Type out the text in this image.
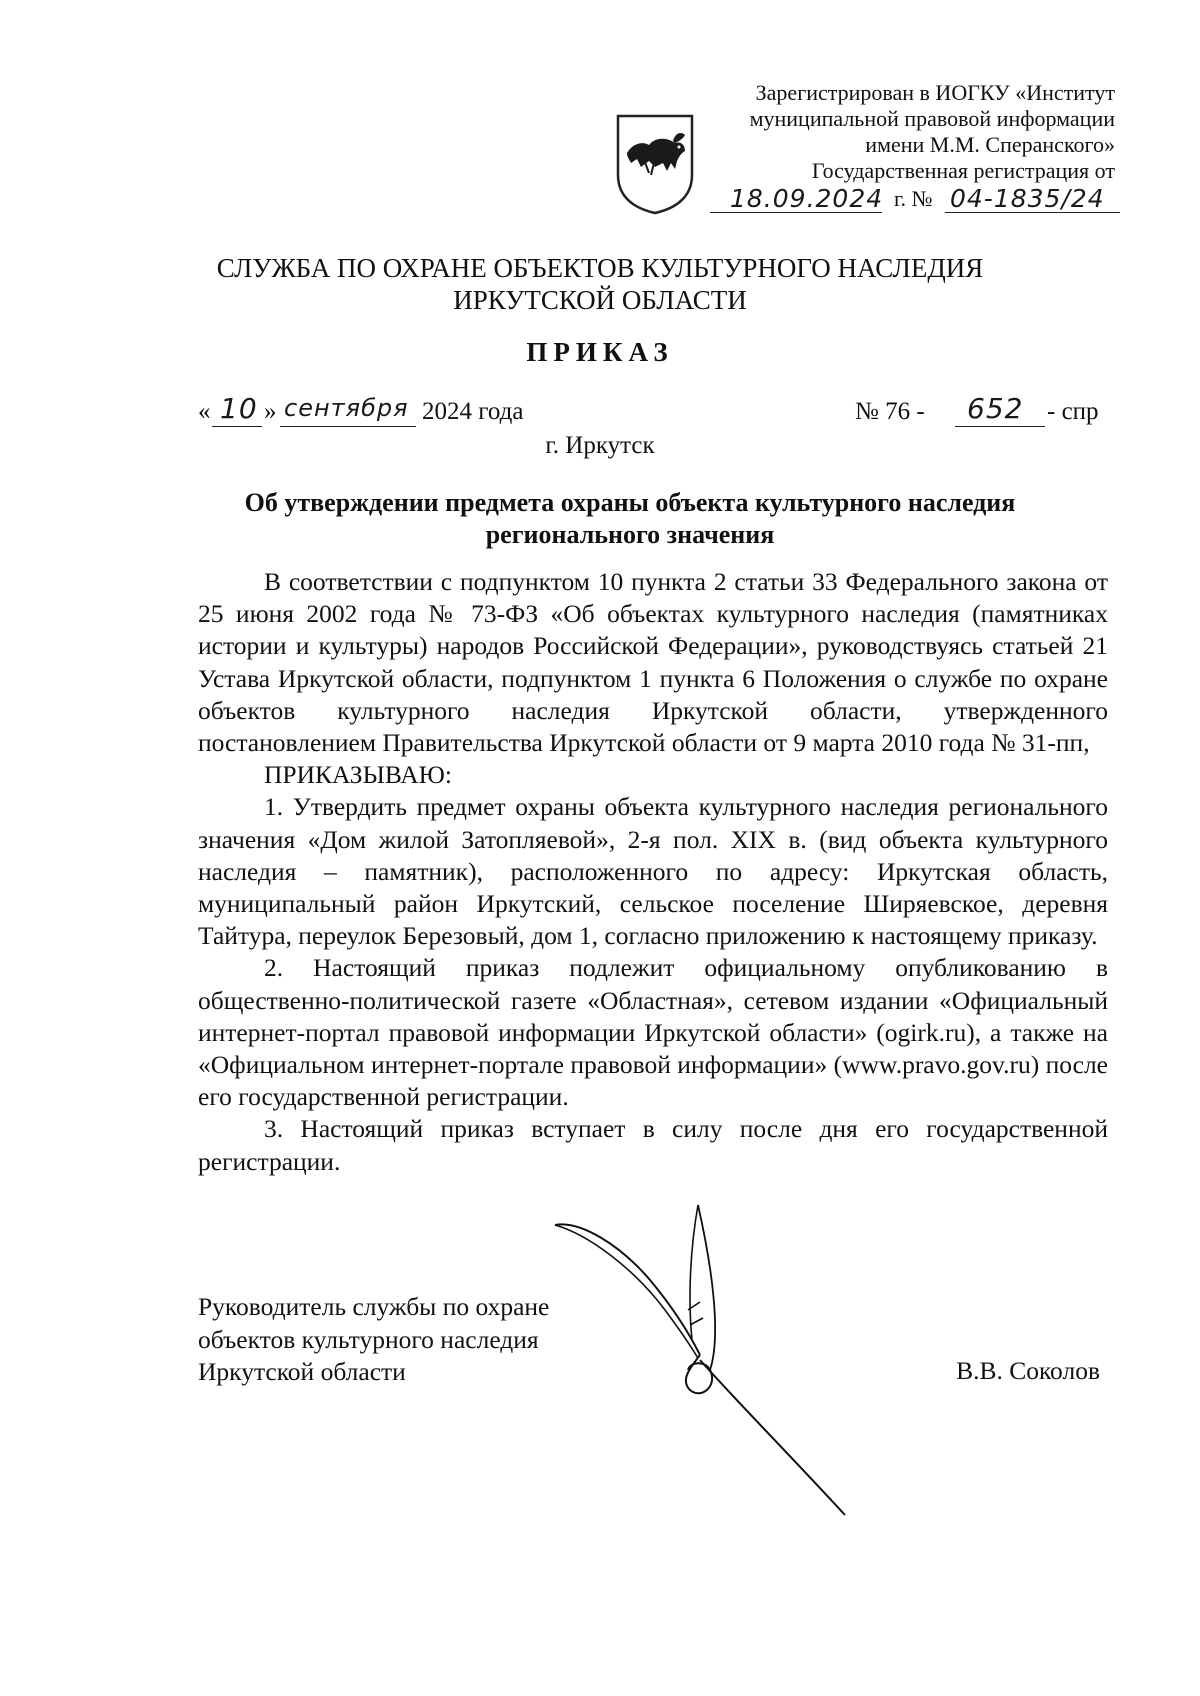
Зарегистрирован в ИОГКУ «Институт
муниципальной правовой информации
имени М.М. Сперанского»
Государственная регистрация от
18.09.2024 г. № 04-1835/24
СЛУЖБА ПО ОХРАНЕ ОБЪЕКТОВ КУЛЬТУРНОГО НАСЛЕДИЯ
ИРКУТСКОЙ ОБЛАСТИ
ПРИКАЗ
« 10 » сентября 2024 года	№ 76 - 652 - спр
г. Иркутск
Об утверждении предмета охраны объекта культурного наследия
регионального значения

В соответствии с подпунктом 10 пункта 2 статьи 33 Федерального закона от 25 июня 2002 года № 73-ФЗ «Об объектах культурного наследия (памятниках истории и культуры) народов Российской Федерации», руководствуясь статьей 21 Устава Иркутской области, подпунктом 1 пункта 6 Положения о службе по охране объектов культурного наследия Иркутской области, утвержденного постановлением Правительства Иркутской области от 9 марта 2010 года № 31-пп,

ПРИКАЗЫВАЮ:

1. Утвердить предмет охраны объекта культурного наследия регионального значения «Дом жилой Затопляевой», 2-я пол. XIX в. (вид объекта культурного наследия – памятник), расположенного по адресу: Иркутская область, муниципальный район Иркутский, сельское поселение Ширяевское, деревня Тайтура, переулок Березовый, дом 1, согласно приложению к настоящему приказу.

2. Настоящий приказ подлежит официальному опубликованию в общественно-политической газете «Областная», сетевом издании «Официальный интернет-портал правовой информации Иркутской области» (ogirk.ru), а также на «Официальном интернет-портале правовой информации» (www.pravo.gov.ru) после его государственной регистрации.

3. Настоящий приказ вступает в силу после дня его государственной регистрации.

Руководитель службы по охране
объектов культурного наследия
Иркутской области	В.В. Соколов
